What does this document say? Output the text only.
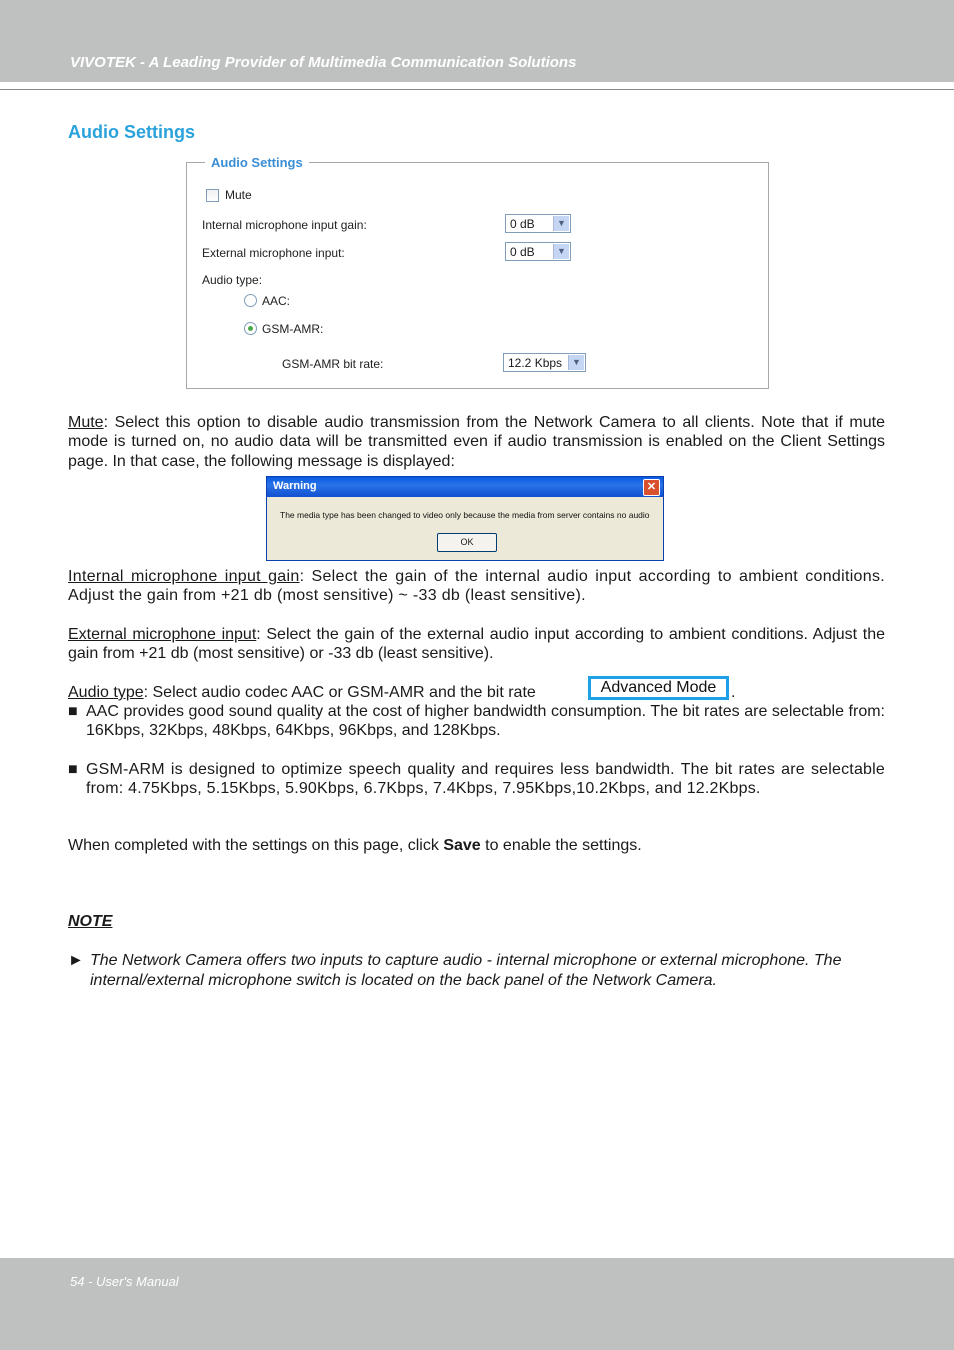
VIVOTEK - A Leading Provider of Multimedia Communication Solutions
Audio Settings
Audio Settings
Mute
Internal microphone input gain:	0 dB	▼
External microphone input:	0 dB	▼
Audio type:
AAC:
GSM-AMR:
GSM-AMR bit rate:	12.2 Kbps	▼
Mute: Select this option to disable audio transmission from the Network Camera to all clients. Note that if mute mode is turned on, no audio data will be transmitted even if audio transmission is enabled on the Client Settings page. In that case, the following message is displayed:
Warning	✕
The media type has been changed to video only because the media from server contains no audio
OK
Internal microphone input gain: Select the gain of the internal audio input according to ambient conditions. Adjust the gain from +21 db (most sensitive) ~ -33 db (least sensitive).
External microphone input: Select the gain of the external audio input according to ambient conditions. Adjust the gain from +21 db (most sensitive) or -33 db (least sensitive).
Audio type: Select audio codec AAC or GSM-AMR and the bit rate	Advanced Mode .
■ AAC provides good sound quality at the cost of higher bandwidth consumption. The bit rates are selectable from: 16Kbps, 32Kbps, 48Kbps, 64Kbps, 96Kbps, and 128Kbps.
■ GSM-ARM is designed to optimize speech quality and requires less bandwidth. The bit rates are selectable from: 4.75Kbps, 5.15Kbps, 5.90Kbps, 6.7Kbps, 7.4Kbps, 7.95Kbps,10.2Kbps, and 12.2Kbps.
When completed with the settings on this page, click Save to enable the settings.
NOTE
► The Network Camera offers two inputs to capture audio - internal microphone or external microphone. The internal/external microphone switch is located on the back panel of the Network Camera.
54 - User's Manual
